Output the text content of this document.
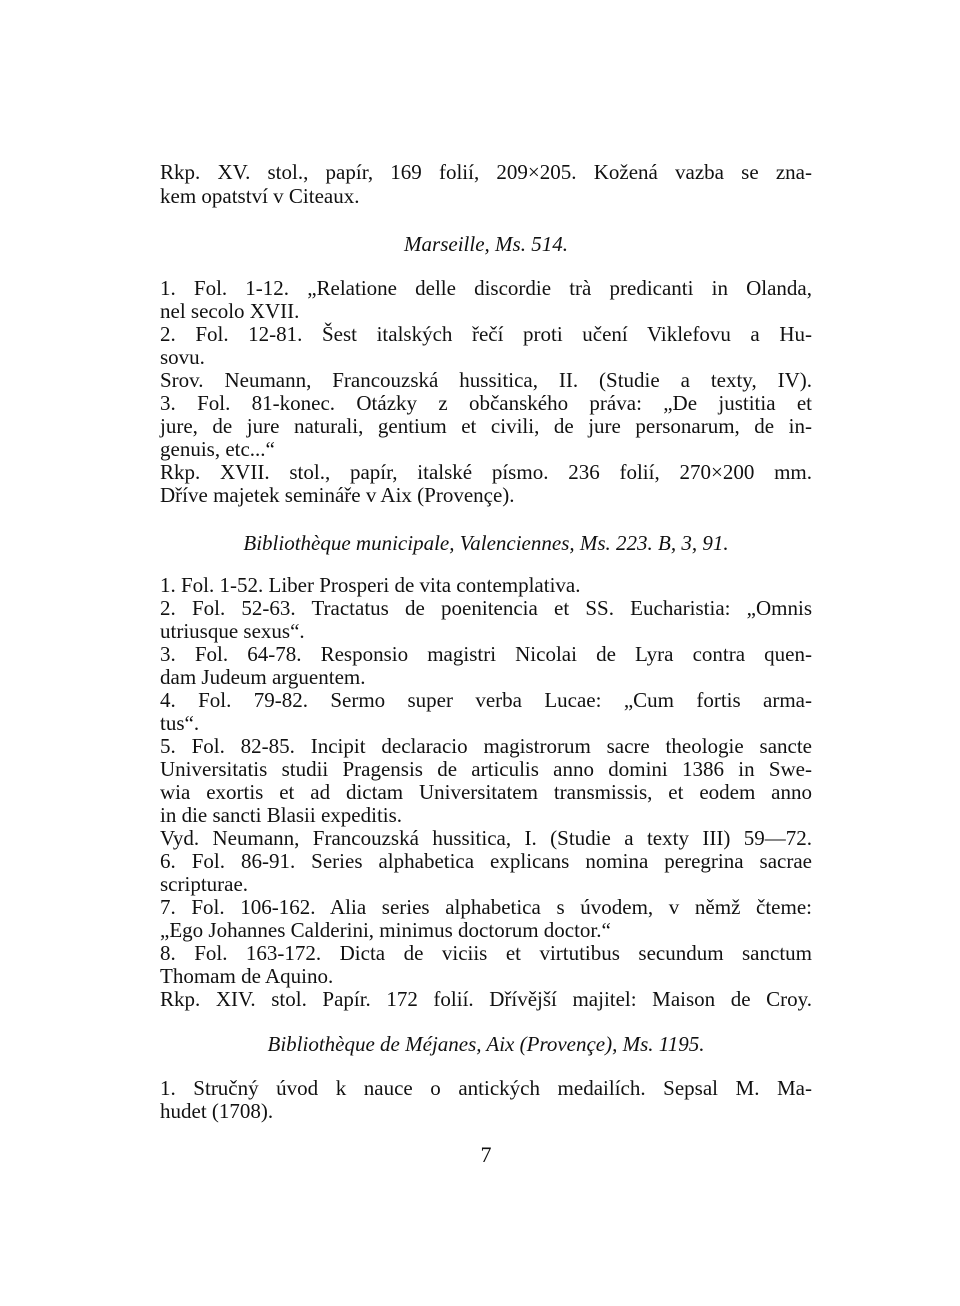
Rkp. XV. stol., papír, 169 folií, 209×205. Kožená vazba se zna-
kem opatství v Citeaux.
Marseille, Ms. 514.
1. Fol. 1-12. „Relatione delle discordie trà predicanti in Olanda,
nel secolo XVII.
2. Fol. 12-81. Šest italských řečí proti učení Viklefovu a Hu-
sovu.
Srov. Neumann, Francouzská hussitica, II. (Studie a texty, IV).
3. Fol. 81-konec. Otázky z občanského práva: „De justitia et
jure, de jure naturali, gentium et civili, de jure personarum, de in-
genuis, etc...“
Rkp. XVII. stol., papír, italské písmo. 236 folií, 270×200 mm.
Dříve majetek semináře v Aix (Provençe).
Bibliothèque municipale, Valenciennes, Ms. 223. B, 3, 91.
1. Fol. 1-52. Liber Prosperi de vita contemplativa.
2. Fol. 52-63. Tractatus de poenitencia et SS. Eucharistia: „Omnis
utriusque sexus“.
3. Fol. 64-78. Responsio magistri Nicolai de Lyra contra quen-
dam Judeum arguentem.
4. Fol. 79-82. Sermo super verba Lucae: „Cum fortis arma-
tus“.
5. Fol. 82-85. Incipit declaracio magistrorum sacre theologie sancte
Universitatis studii Pragensis de articulis anno domini 1386 in Swe-
wia exortis et ad dictam Universitatem transmissis, et eodem anno
in die sancti Blasii expeditis.
Vyd. Neumann, Francouzská hussitica, I. (Studie a texty III) 59—72.
6. Fol. 86-91. Series alphabetica explicans nomina peregrina sacrae
scripturae.
7. Fol. 106-162. Alia series alphabetica s úvodem, v němž čteme:
„Ego Johannes Calderini, minimus doctorum doctor.“
8. Fol. 163-172. Dicta de viciis et virtutibus secundum sanctum
Thomam de Aquino.
Rkp. XIV. stol. Papír. 172 folií. Dřívější majitel: Maison de Croy.
Bibliothèque de Méjanes, Aix (Provençe), Ms. 1195.
1. Stručný úvod k nauce o antických medailích. Sepsal M. Ma-
hudet (1708).
7
